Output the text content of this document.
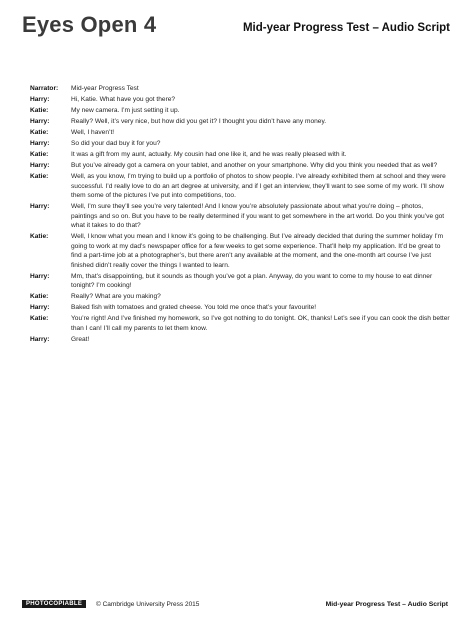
Eyes Open 4	Mid-year Progress Test – Audio Script
Narrator:	Mid-year Progress Test
Harry:	Hi, Katie. What have you got there?
Katie:	My new camera. I’m just setting it up.
Harry:	Really? Well, it’s very nice, but how did you get it? I thought you didn’t have any money.
Katie:	Well, I haven’t!
Harry:	So did your dad buy it for you?
Katie:	It was a gift from my aunt, actually. My cousin had one like it, and he was really pleased with it.
Harry:	But you’ve already got a camera on your tablet, and another on your smartphone. Why did you think you needed that as well?
Katie:	Well, as you know, I’m trying to build up a portfolio of photos to show people. I’ve already exhibited them at school and they were successful. I’d really love to do an art degree at university, and if I get an interview, they’ll want to see some of my work. I’ll show them some of the pictures I’ve put into competitions, too.
Harry:	Well, I’m sure they’ll see you’re very talented! And I know you’re absolutely passionate about what you’re doing – photos, paintings and so on. But you have to be really determined if you want to get somewhere in the art world. Do you think you’ve got what it takes to do that?
Katie:	Well, I know what you mean and I know it’s going to be challenging. But I’ve already decided that during the summer holiday I’m going to work at my dad’s newspaper office for a few weeks to get some experience. That’ll help my application. It’d be great to find a part-time job at a photographer’s, but there aren’t any available at the moment, and the one-month art course I’ve just finished didn’t really cover the things I wanted to learn.
Harry:	Mm, that’s disappointing, but it sounds as though you’ve got a plan. Anyway, do you want to come to my house to eat dinner tonight? I’m cooking!
Katie:	Really? What are you making?
Harry:	Baked fish with tomatoes and grated cheese. You told me once that’s your favourite!
Katie:	You’re right! And I’ve finished my homework, so I’ve got nothing to do tonight. OK, thanks! Let’s see if you can cook the dish better than I can! I’ll call my parents to let them know.
Harry:	Great!
PHOTOCOPIABLE	© Cambridge University Press 2015	Mid-year Progress Test – Audio Script
